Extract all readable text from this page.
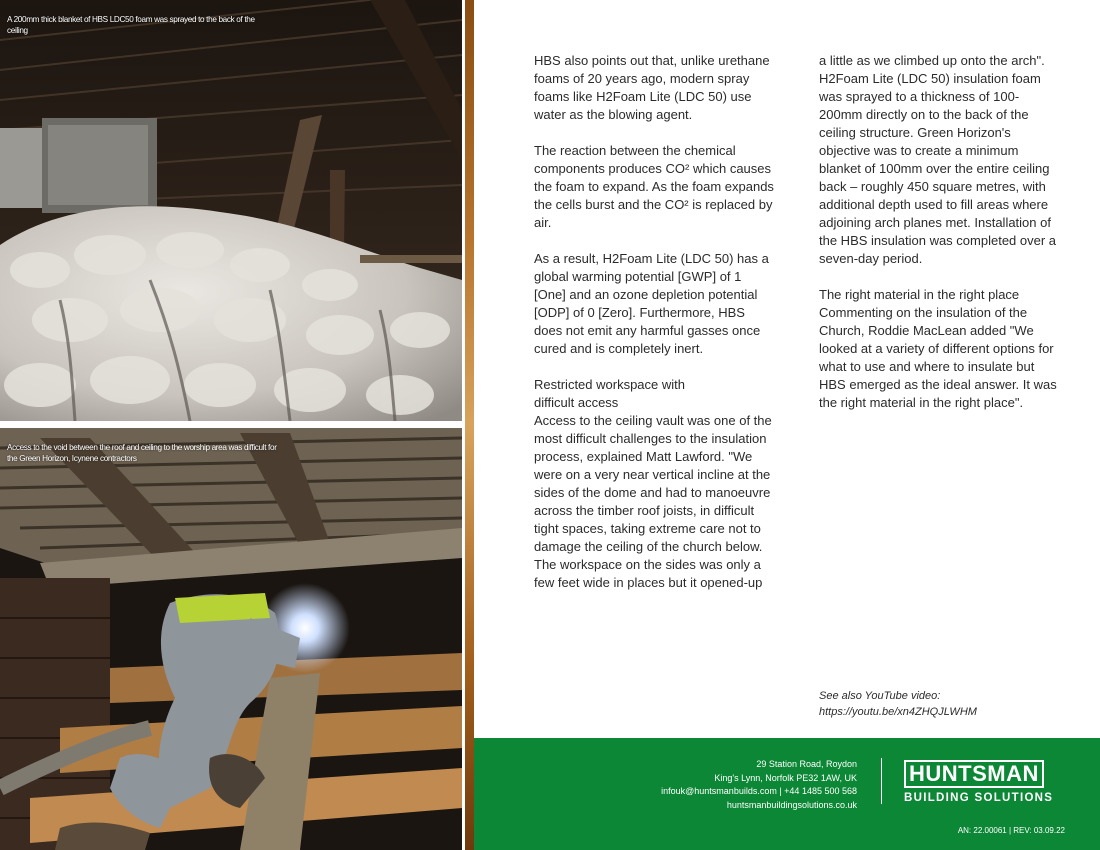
A 200mm thick blanket of HBS LDC50 foam was sprayed to the back of the ceiling
Access to the void between the roof and ceiling to the worship area was difficult for the Green Horizon, Icynene contractors

HBS also points out that, unlike urethane foams of 20 years ago, modern spray foams like H2Foam Lite (LDC 50) use water as the blowing agent.

The reaction between the chemical components produces CO² which causes the foam to expand. As the foam expands the cells burst and the CO² is replaced by air.

As a result, H2Foam Lite (LDC 50) has a global warming potential [GWP] of 1 [One] and an ozone depletion potential [ODP] of 0 [Zero]. Furthermore, HBS does not emit any harmful gasses once cured and is completely inert.

Restricted workspace with
difficult access

Access to the ceiling vault was one of the most difficult challenges to the insulation process, explained Matt Lawford. "We were on a very near vertical incline at the sides of the dome and had to manoeuvre across the timber roof joists, in difficult tight spaces, taking extreme care not to damage the ceiling of the church below. The workspace on the sides was only a few feet wide in places but it opened-up

a little as we climbed up onto the arch". H2Foam Lite (LDC 50) insulation foam was sprayed to a thickness of 100-200mm directly on to the back of the ceiling structure. Green Horizon's objective was to create a minimum blanket of 100mm over the entire ceiling back – roughly 450 square metres, with additional depth used to fill areas where adjoining arch planes met. Installation of the HBS insulation was completed over a seven-day period.

The right material in the right place

Commenting on the insulation of the Church, Roddie MacLean added "We looked at a variety of different options for what to use and where to insulate but HBS emerged as the ideal answer. It was the right material in the right place".

See also YouTube video:
https://youtu.be/xn4ZHQJLWHM
29 Station Road, Roydon
King's Lynn, Norfolk PE32 1AW, UK
infouk@huntsmanbuilds.com | +44 1485 500 568
huntsmanbuildingsolutions.co.uk
HUNTSMAN
BUILDING SOLUTIONS
AN: 22.00061 | REV: 03.09.22
